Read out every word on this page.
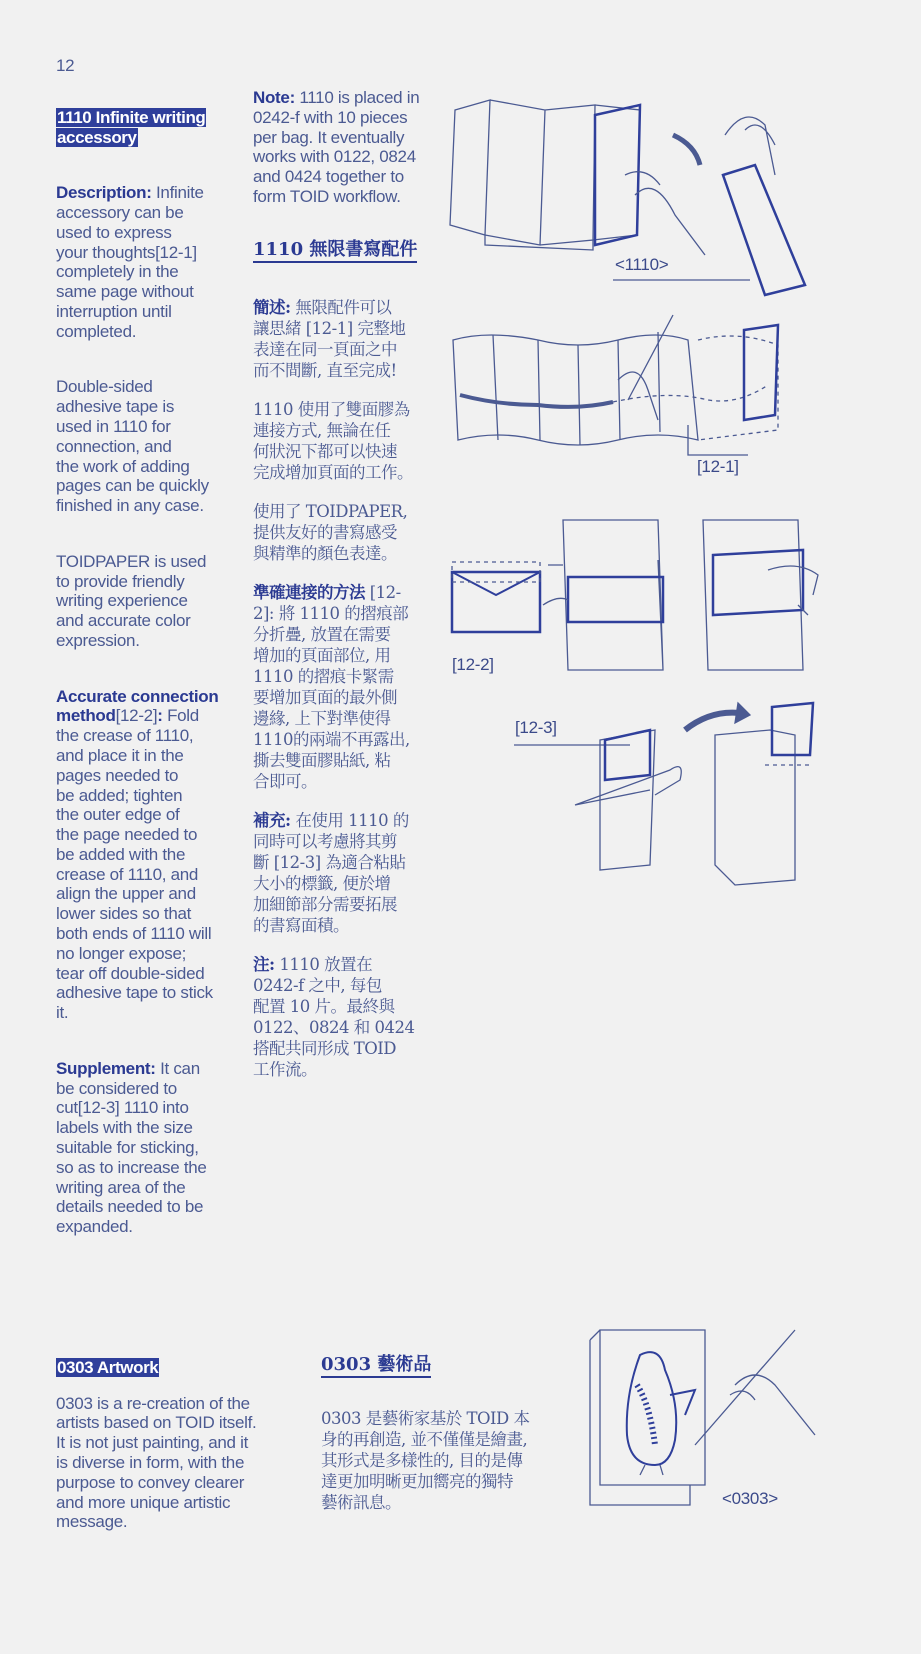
12

1110 Infinite writing
accessory

Description: Infinite
accessory can be
used to express
your thoughts[12-1]
completely in the
same page without
interruption until
completed.

Double-sided
adhesive tape is
used in 1110 for
connection, and
the work of adding
pages can be quickly
finished in any case.

TOIDPAPER is used
to provide friendly
writing experience
and accurate color
expression.

Accurate connection
method[12-2]: Fold
the crease of 1110,
and place it in the
pages needed to
be added; tighten
the outer edge of
the page needed to
be added with the
crease of 1110, and
align the upper and
lower sides so that
both ends of 1110 will
no longer expose;
tear off double-sided
adhesive tape to stick
it.

Supplement: It can
be considered to
cut[12-3] 1110 into
labels with the size
suitable for sticking,
so as to increase the
writing area of the
details needed to be
expanded.

Note: 1110 is placed in
0242-f with 10 pieces
per bag. It eventually
works with 0122, 0824
and 0424 together to
form TOID workflow.

1110 無限書寫配件

簡述: 無限配件可以
讓思緒 [12-1] 完整地
表達在同一頁面之中
而不間斷, 直至完成!

1110 使用了雙面膠為
連接方式, 無論在任
何狀況下都可以快速
完成增加頁面的工作。

使用了 TOIDPAPER,
提供友好的書寫感受
與精準的顏色表達。

準確連接的方法 [12-
2]: 將 1110 的摺痕部
分折疊, 放置在需要
增加的頁面部位, 用
1110 的摺痕卡緊需
要增加頁面的最外側
邊緣, 上下對準使得
1110的兩端不再露出,
撕去雙面膠貼紙, 粘
合即可。

補充: 在使用 1110 的
同時可以考慮將其剪
斷 [12-3] 為適合粘貼
大小的標籤, 便於增
加細節部分需要拓展
的書寫面積。

注: 1110 放置在
0242-f 之中, 每包
配置 10 片。最終與
0122、0824 和 0424
搭配共同形成 TOID
工作流。

<1110>
[12-1]
[12-2]
[12-3]

0303 Artwork

0303 is a re-creation of the
artists based on TOID itself.
It is not just painting, and it
is diverse in form, with the
purpose to convey clearer
and more unique artistic
message.

0303 藝術品

0303 是藝術家基於 TOID 本
身的再創造, 並不僅僅是繪畫,
其形式是多樣性的, 目的是傳
達更加明晰更加嚮亮的獨特
藝術訊息。	<0303>
